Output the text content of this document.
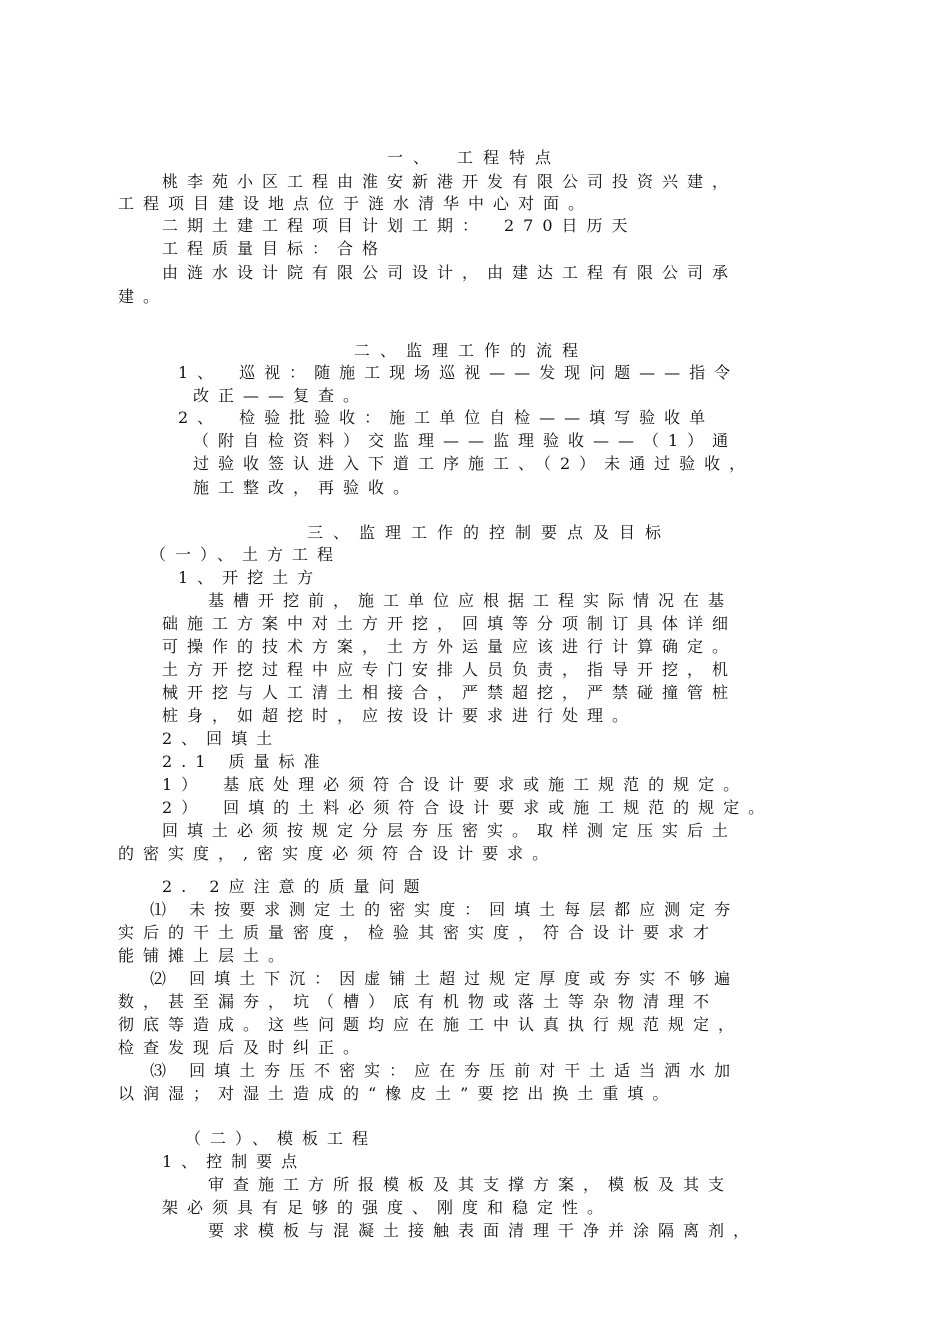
一、　工程特点
桃李苑小区工程由淮安新港开发有限公司投资兴建，
工程项目建设地点位于涟水清华中心对面。
二期土建工程项目计划工期：　270日历天
工程质量目标：合格
由涟水设计院有限公司设计，由建达工程有限公司承
建。
二、监理工作的流程
1、　巡视：随施工现场巡视——发现问题——指令
改正——复查。
2、　检验批验收：施工单位自检——填写验收单
（附自检资料）交监理——监理验收——（1）通
过验收签认进入下道工序施工、（2）未通过验收，
施工整改，再验收。
三、监理工作的控制要点及目标
（一）、土方工程
1、开挖土方
基槽开挖前，施工单位应根据工程实际情况在基
础施工方案中对土方开挖，回填等分项制订具体详细
可操作的技术方案，土方外运量应该进行计算确定。
土方开挖过程中应专门安排人员负责，指导开挖，机
械开挖与人工清土相接合，严禁超挖，严禁碰撞管桩
桩身，如超挖时，应按设计要求进行处理。
2、回填土
2.1 质量标准
1）　基底处理必须符合设计要求或施工规范的规定。
2）　回填的土料必须符合设计要求或施工规范的规定。
回填土必须按规定分层夯压密实。取样测定压实后土
的密实度，,密实度必须符合设计要求。
2. 2应注意的质量问题
⑴ 未按要求测定土的密实度：回填土每层都应测定夯
实后的干土质量密度，检验其密实度，符合设计要求才
能铺摊上层土。
⑵ 回填土下沉：因虚铺土超过规定厚度或夯实不够遍
数，甚至漏夯，坑（槽）底有机物或落土等杂物清理不
彻底等造成。这些问题均应在施工中认真执行规范规定，
检查发现后及时纠正。
⑶ 回填土夯压不密实：应在夯压前对干土适当洒水加
以润湿；对湿土造成的“橡皮土”要挖出换土重填。
（二）、模板工程
1、控制要点
审查施工方所报模板及其支撑方案，模板及其支
架必须具有足够的强度、刚度和稳定性。
要求模板与混凝土接触表面清理干净并涂隔离剂，
